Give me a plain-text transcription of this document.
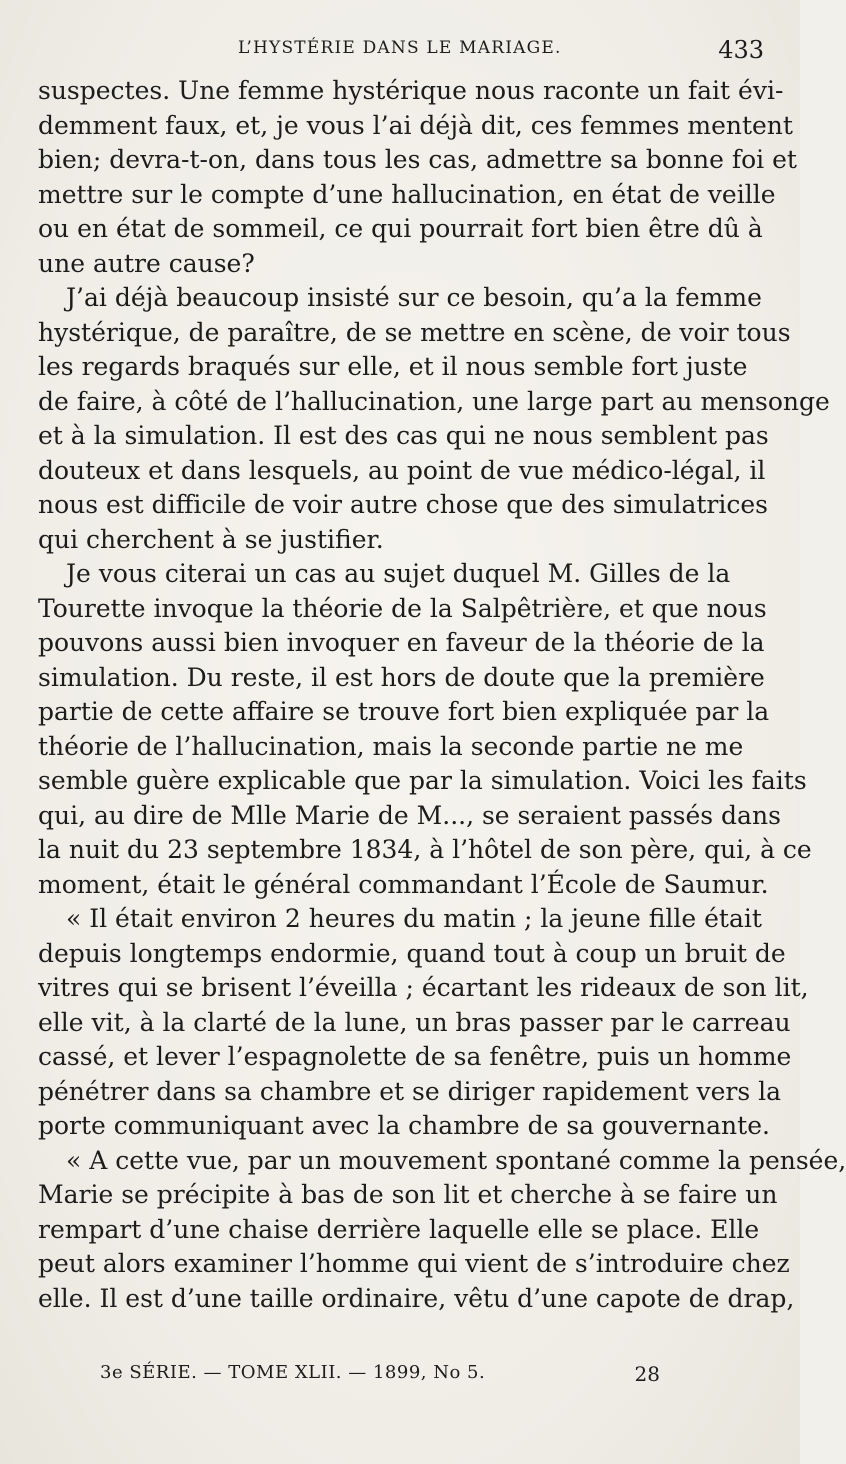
L’HYSTÉRIE DANS LE MARIAGE.	433

suspectes. Une femme hystérique nous raconte un fait évi-
demment faux, et, je vous l’ai déjà dit, ces femmes mentent
bien; devra-t-on, dans tous les cas, admettre sa bonne foi et
mettre sur le compte d’une hallucination, en état de veille
ou en état de sommeil, ce qui pourrait fort bien être dû à
une autre cause?

J’ai déjà beaucoup insisté sur ce besoin, qu’a la femme
hystérique, de paraître, de se mettre en scène, de voir tous
les regards braqués sur elle, et il nous semble fort juste
de faire, à côté de l’hallucination, une large part au mensonge
et à la simulation. Il est des cas qui ne nous semblent pas
douteux et dans lesquels, au point de vue médico-légal, il
nous est difficile de voir autre chose que des simulatrices
qui cherchent à se justifier.

Je vous citerai un cas au sujet duquel M. Gilles de la
Tourette invoque la théorie de la Salpêtrière, et que nous
pouvons aussi bien invoquer en faveur de la théorie de la
simulation. Du reste, il est hors de doute que la première
partie de cette affaire se trouve fort bien expliquée par la
théorie de l’hallucination, mais la seconde partie ne me
semble guère explicable que par la simulation. Voici les faits
qui, au dire de Mlle Marie de M..., se seraient passés dans
la nuit du 23 septembre 1834, à l’hôtel de son père, qui, à ce
moment, était le général commandant l’École de Saumur.

« Il était environ 2 heures du matin ; la jeune fille était
depuis longtemps endormie, quand tout à coup un bruit de
vitres qui se brisent l’éveilla ; écartant les rideaux de son lit,
elle vit, à la clarté de la lune, un bras passer par le carreau
cassé, et lever l’espagnolette de sa fenêtre, puis un homme
pénétrer dans sa chambre et se diriger rapidement vers la
porte communiquant avec la chambre de sa gouvernante.

« A cette vue, par un mouvement spontané comme la pensée,
Marie se précipite à bas de son lit et cherche à se faire un
rempart d’une chaise derrière laquelle elle se place. Elle
peut alors examiner l’homme qui vient de s’introduire chez
elle. Il est d’une taille ordinaire, vêtu d’une capote de drap,

3e SÉRIE. — TOME XLII. — 1899, No 5.	28
